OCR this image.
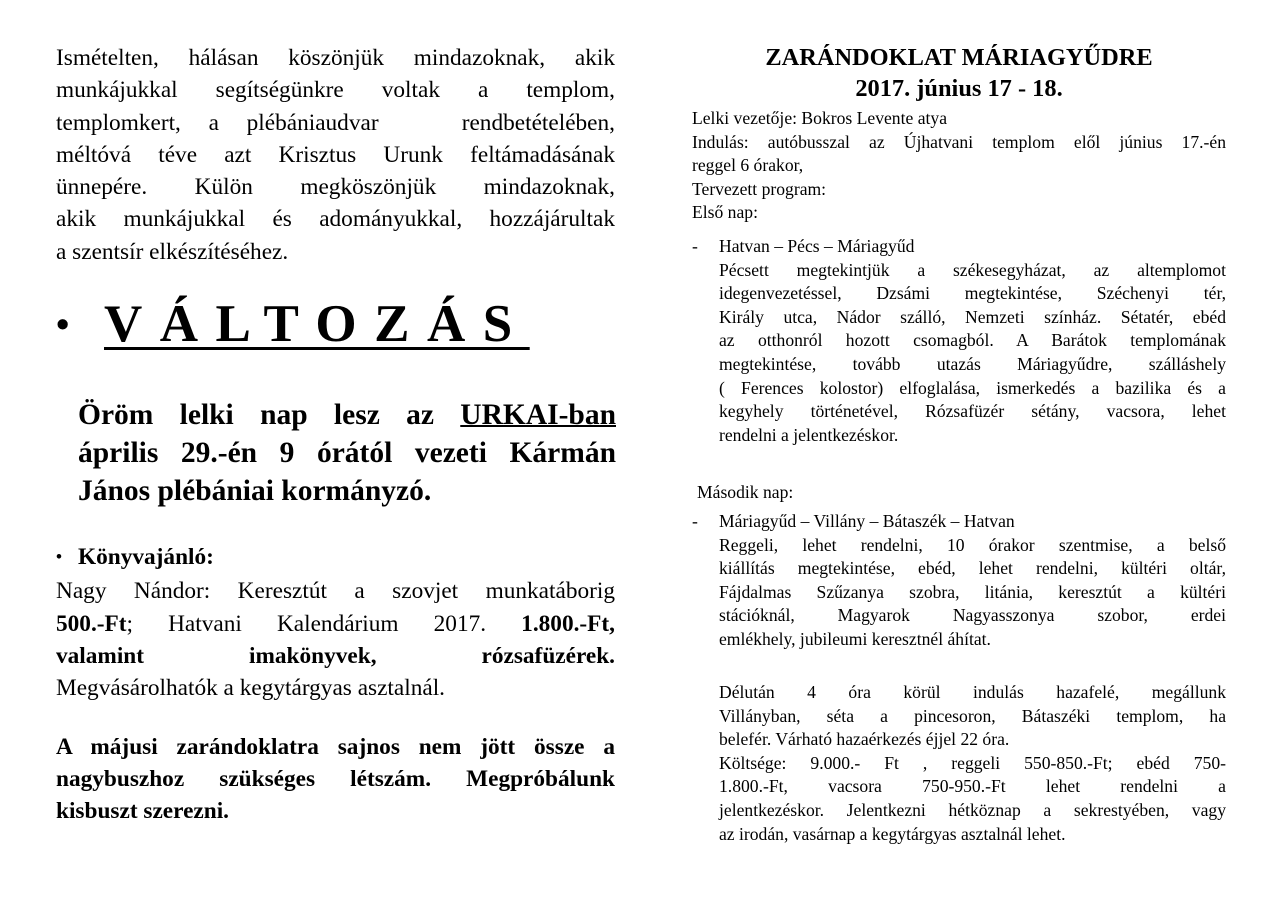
Ismételten, hálásan köszönjük mindazoknak, akik
munkájukkal segítségünkre voltak a templom,
templomkert, a plébániaudvar   rendbetételében,
méltóvá téve azt Krisztus Urunk feltámadásának
ünnepére. Külön megköszönjük mindazoknak,
akik munkájukkal és adományukkal, hozzájárultak
a szentsír elkészítéséhez.
• VÁLTOZÁS
Öröm lelki nap lesz az URKAI-ban
április 29.-én 9 órától vezeti Kármán
János plébániai kormányzó.
• Könyvajánló:
Nagy Nándor: Keresztút a szovjet munkatáborig
500.-Ft; Hatvani Kalendárium 2017. 1.800.-Ft,
valamint imakönyvek, rózsafüzérek.
Megvásárolhatók a kegytárgyas asztalnál.
A májusi zarándoklatra sajnos nem jött össze a
nagybuszhoz szükséges létszám. Megpróbálunk
kisbuszt szerezni.
ZARÁNDOKLAT MÁRIAGYŰDRE
2017. június 17 - 18.
Lelki vezetője: Bokros Levente atya
Indulás: autóbusszal az Újhatvani templom elől június 17.-én
reggel 6 órakor,
Tervezett program:
Első nap:
- Hatvan – Pécs – Máriagyűd
Pécsett megtekintjük a székesegyházat, az altemplomot
idegenvezetéssel, Dzsámi megtekintése, Széchenyi tér,
Király utca, Nádor szálló, Nemzeti színház. Sétatér, ebéd
az otthonról hozott csomagból. A Barátok templomának
megtekintése, tovább utazás Máriagyűdre, szálláshely
( Ferences kolostor) elfoglalása, ismerkedés a bazilika és a
kegyhely történetével, Rózsafüzér sétány, vacsora, lehet
rendelni a jelentkezéskor.
Második nap:
- Máriagyűd – Villány – Bátaszék – Hatvan
Reggeli, lehet rendelni, 10 órakor szentmise, a belső
kiállítás megtekintése, ebéd, lehet rendelni, kültéri oltár,
Fájdalmas Szűzanya szobra, litánia, keresztút a kültéri
stációknál, Magyarok Nagyasszonya szobor, erdei
emlékhely, jubileumi keresztnél áhítat.
Délután 4 óra körül indulás hazafelé, megállunk
Villányban, séta a pincesoron, Bátaszéki templom, ha
belefér. Várható hazaérkezés éjjel 22 óra.
Költsége: 9.000.- Ft , reggeli 550-850.-Ft; ebéd 750-
1.800.-Ft, vacsora 750-950.-Ft lehet rendelni a
jelentkezéskor. Jelentkezni hétköznap a sekrestyében, vagy
az irodán, vasárnap a kegytárgyas asztalnál lehet.
